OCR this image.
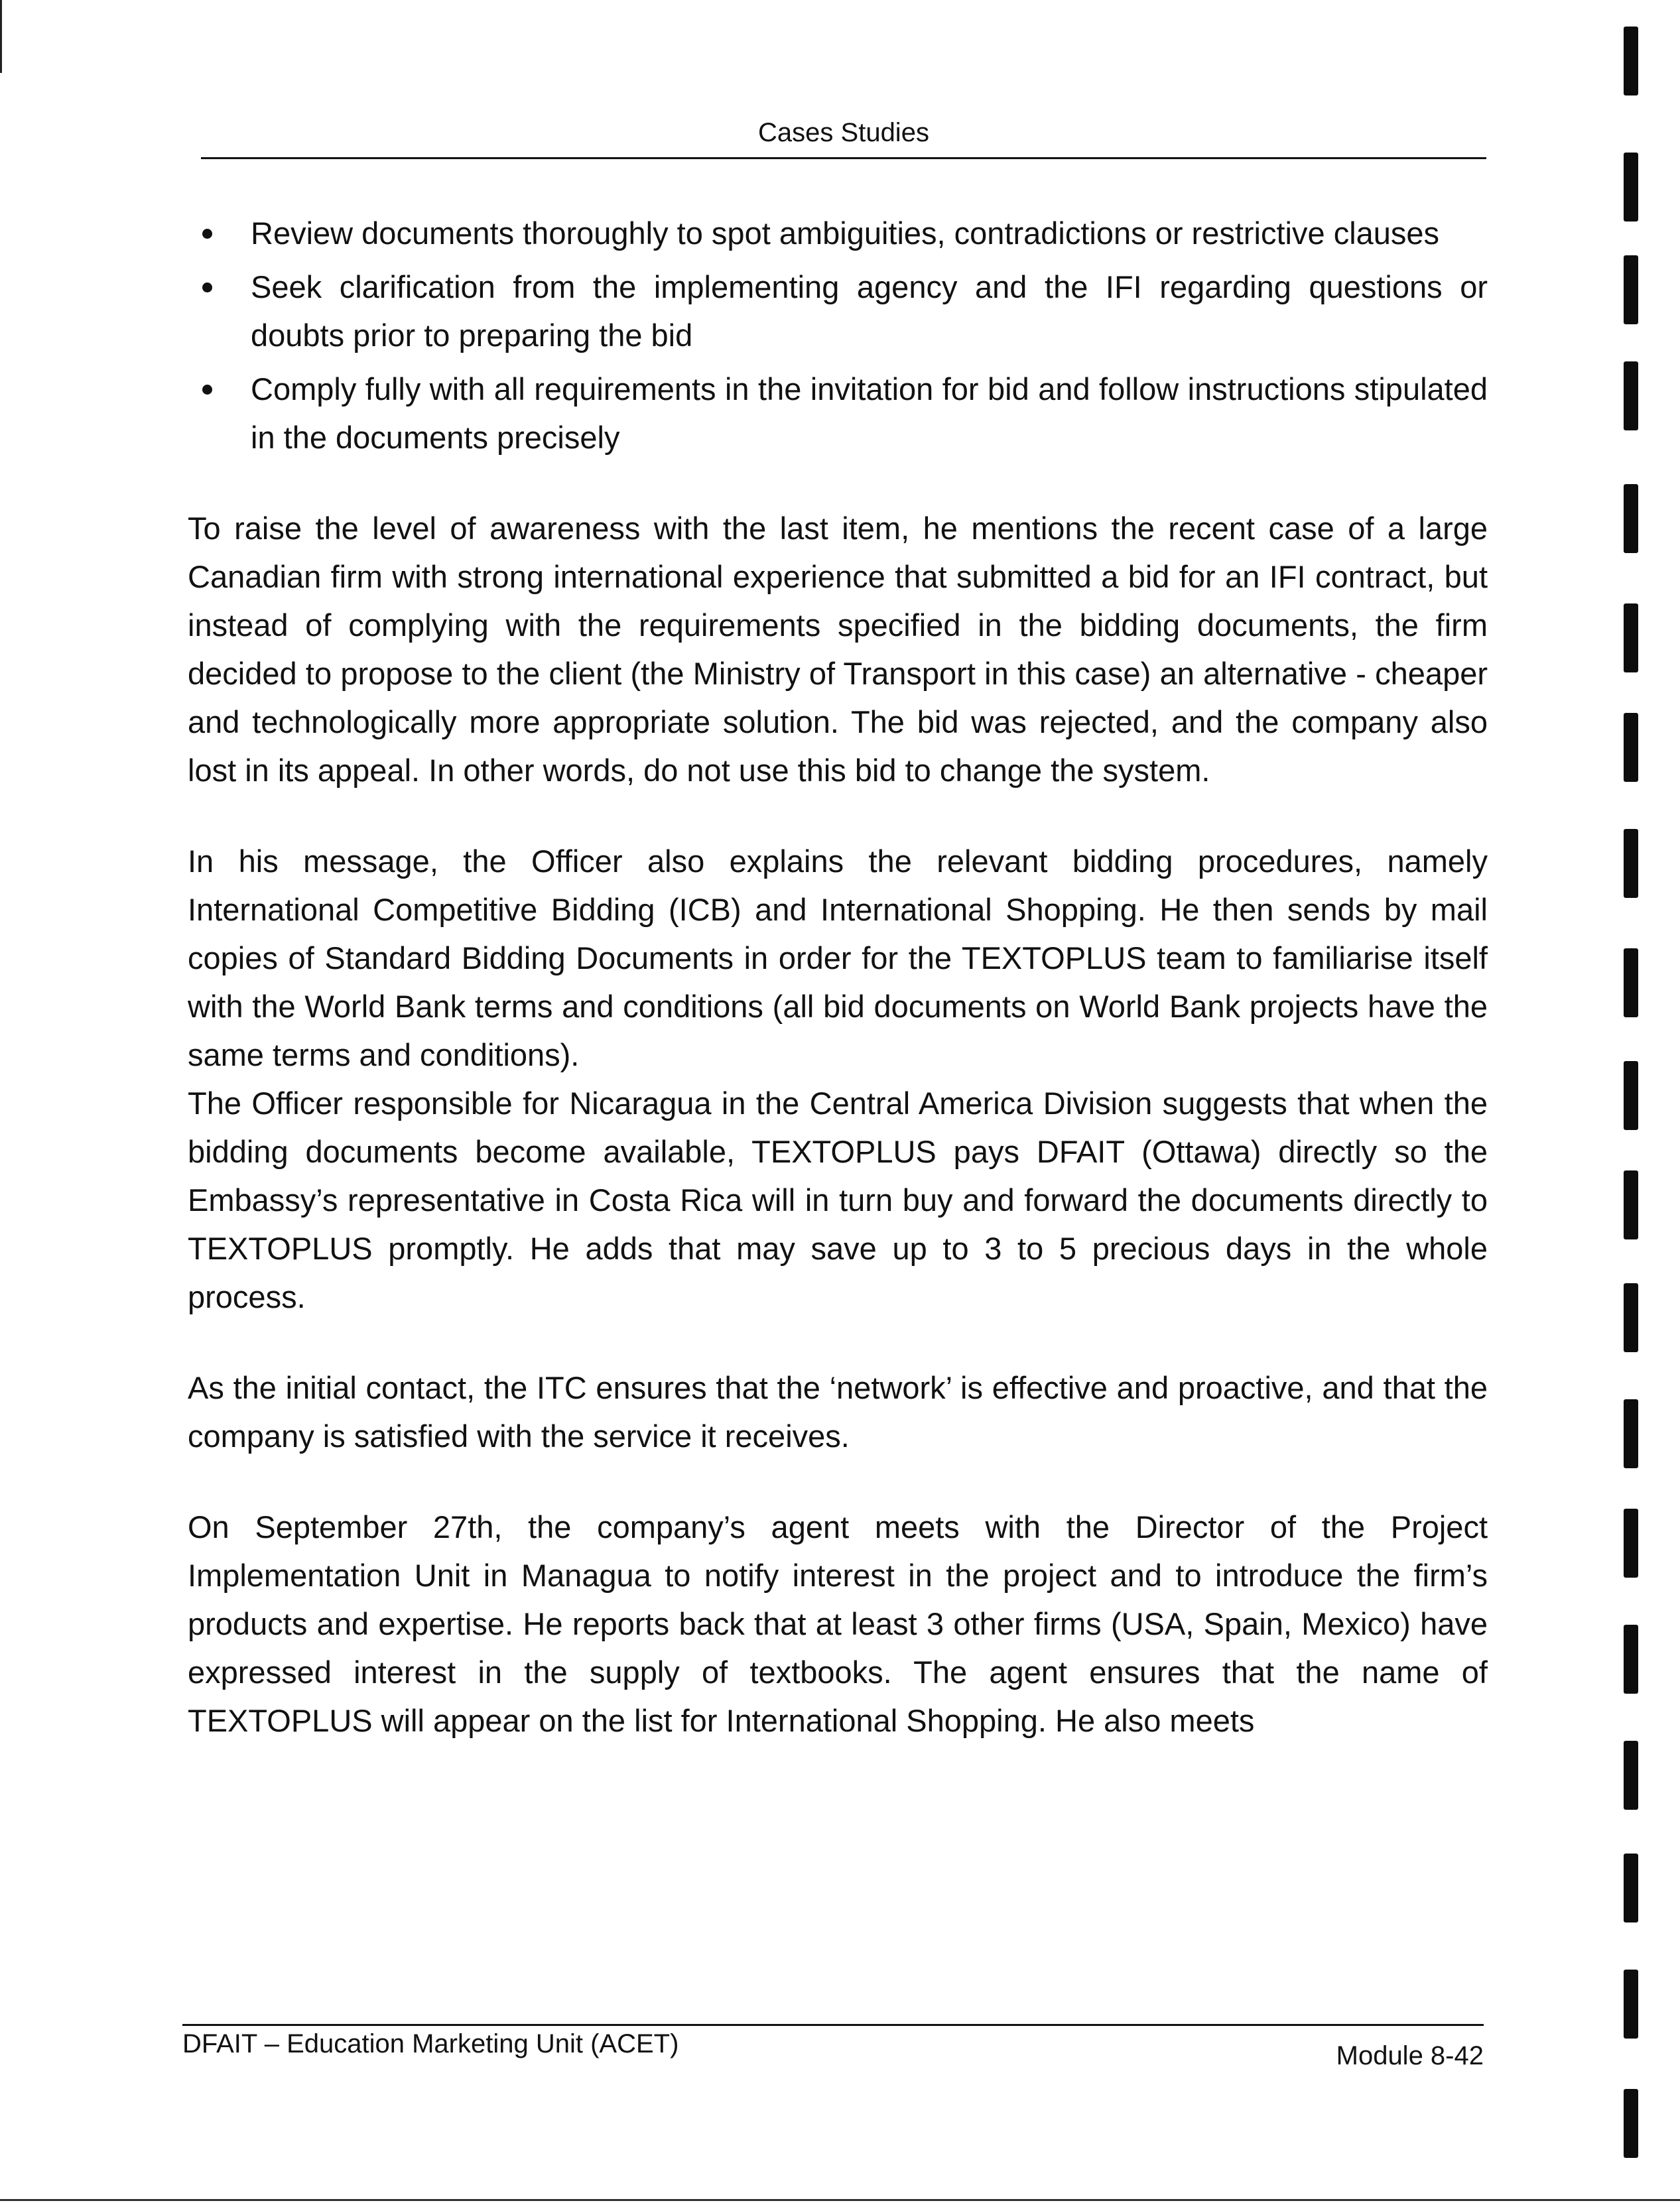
Cases Studies
Review documents thoroughly to spot ambiguities, contradictions or restrictive clauses
Seek clarification from the implementing agency and the IFI regarding questions or doubts prior to preparing the bid
Comply fully with all requirements in the invitation for bid and follow instructions stipulated in the documents precisely

To raise the level of awareness with the last item, he mentions the recent case of a large Canadian firm with strong international experience that submitted a bid for an IFI contract, but instead of complying with the requirements specified in the bidding documents, the firm decided to propose to the client (the Ministry of Transport in this case) an alternative - cheaper and technologically more appropriate solution. The bid was rejected, and the company also lost in its appeal. In other words, do not use this bid to change the system.

In his message, the Officer also explains the relevant bidding procedures, namely International Competitive Bidding (ICB) and International Shopping. He then sends by mail copies of Standard Bidding Documents in order for the TEXTOPLUS team to familiarise itself with the World Bank terms and conditions (all bid documents on World Bank projects have the same terms and conditions).

The Officer responsible for Nicaragua in the Central America Division suggests that when the bidding documents become available, TEXTOPLUS pays DFAIT (Ottawa) directly so the Embassy’s representative in Costa Rica will in turn buy and forward the documents directly to TEXTOPLUS promptly. He adds that may save up to 3 to 5 precious days in the whole process.

As the initial contact, the ITC ensures that the ‘network’ is effective and proactive, and that the company is satisfied with the service it receives.

On September 27th, the company’s agent meets with the Director of the Project Implementation Unit in Managua to notify interest in the project and to introduce the firm’s products and expertise. He reports back that at least 3 other firms (USA, Spain, Mexico) have expressed interest in the supply of textbooks. The agent ensures that the name of TEXTOPLUS will appear on the list for International Shopping. He also meets

DFAIT – Education Marketing Unit (ACET)	Module 8-42
